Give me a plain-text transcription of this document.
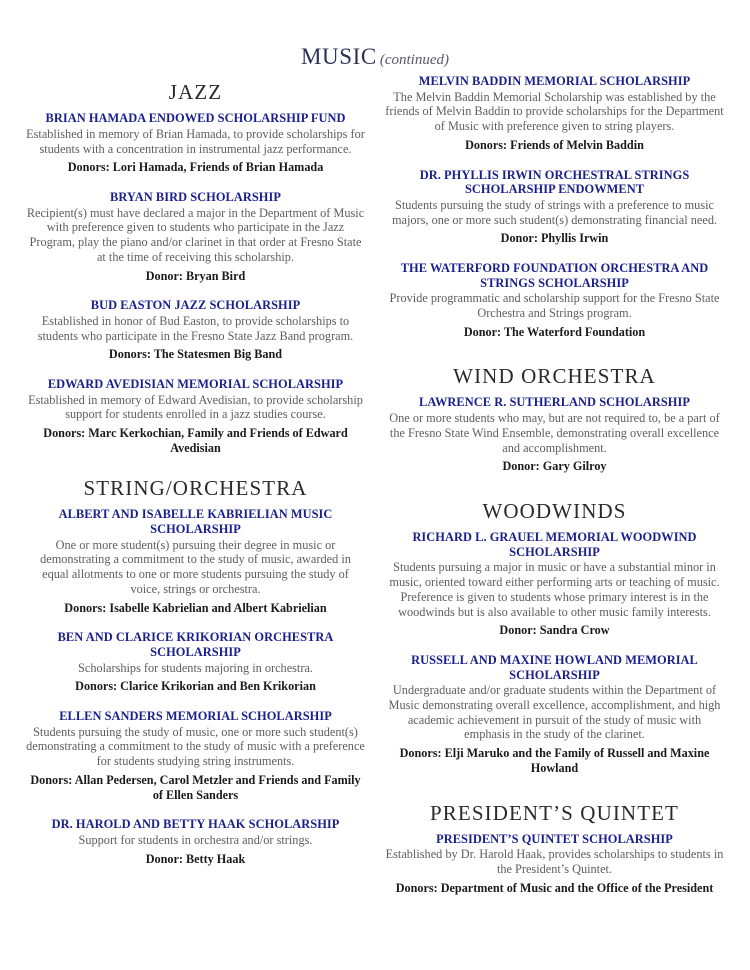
MUSIC (continued)
JAZZ
BRIAN HAMADA ENDOWED SCHOLARSHIP FUND
Established in memory of Brian Hamada, to provide scholarships for students with a concentration in instrumental jazz performance.
Donors: Lori Hamada, Friends of Brian Hamada
BRYAN BIRD SCHOLARSHIP
Recipient(s) must have declared a major in the Department of Music with preference given to students who participate in the Jazz Program, play the piano and/or clarinet in that order at Fresno State at the time of receiving this scholarship.
Donor: Bryan Bird
BUD EASTON JAZZ SCHOLARSHIP
Established in honor of Bud Easton, to provide scholarships to students who participate in the Fresno State Jazz Band program.
Donors: The Statesmen Big Band
EDWARD AVEDISIAN MEMORIAL SCHOLARSHIP
Established in memory of Edward Avedisian, to provide scholarship support for students enrolled in a jazz studies course.
Donors: Marc Kerkochian, Family and Friends of Edward Avedisian
STRING/ORCHESTRA
ALBERT AND ISABELLE KABRIELIAN MUSIC SCHOLARSHIP
One or more student(s) pursuing their degree in music or demonstrating a commitment to the study of music, awarded in equal allotments to one or more students pursuing the study of voice, strings or orchestra.
Donors: Isabelle Kabrielian and Albert Kabrielian
BEN AND CLARICE KRIKORIAN ORCHESTRA SCHOLARSHIP
Scholarships for students majoring in orchestra.
Donors: Clarice Krikorian and Ben Krikorian
ELLEN SANDERS MEMORIAL SCHOLARSHIP
Students pursuing the study of music, one or more such student(s) demonstrating a commitment to the study of music with a preference for students studying string instruments.
Donors: Allan Pedersen, Carol Metzler and Friends and Family of Ellen Sanders
DR. HAROLD AND BETTY HAAK SCHOLARSHIP
Support for students in orchestra and/or strings.
Donor: Betty Haak
MELVIN BADDIN MEMORIAL SCHOLARSHIP
The Melvin Baddin Memorial Scholarship was established by the friends of Melvin Baddin to provide scholarships for the Department of Music with preference given to string players.
Donors: Friends of Melvin Baddin
DR. PHYLLIS IRWIN ORCHESTRAL STRINGS SCHOLARSHIP ENDOWMENT
Students pursuing the study of strings with a preference to music majors, one or more such student(s) demonstrating financial need.
Donor: Phyllis Irwin
THE WATERFORD FOUNDATION ORCHESTRA AND STRINGS SCHOLARSHIP
Provide programmatic and scholarship support for the Fresno State Orchestra and Strings program.
Donor: The Waterford Foundation
WIND ORCHESTRA
LAWRENCE R. SUTHERLAND SCHOLARSHIP
One or more students who may, but are not required to, be a part of the Fresno State Wind Ensemble, demonstrating overall excellence and accomplishment.
Donor: Gary Gilroy
WOODWINDS
RICHARD L. GRAUEL MEMORIAL WOODWIND SCHOLARSHIP
Students pursuing a major in music or have a substantial minor in music, oriented toward either performing arts or teaching of music. Preference is given to students whose primary interest is in the woodwinds but is also available to other music family interests.
Donor: Sandra Crow
RUSSELL AND MAXINE HOWLAND MEMORIAL SCHOLARSHIP
Undergraduate and/or graduate students within the Department of Music demonstrating overall excellence, accomplishment, and high academic achievement in pursuit of the study of music with emphasis in the study of the clarinet.
Donors: Elji Maruko and the Family of Russell and Maxine Howland
PRESIDENT’S QUINTET
PRESIDENT’S QUINTET SCHOLARSHIP
Established by Dr. Harold Haak, provides scholarships to students in the President’s Quintet.
Donors: Department of Music and the Office of the President
